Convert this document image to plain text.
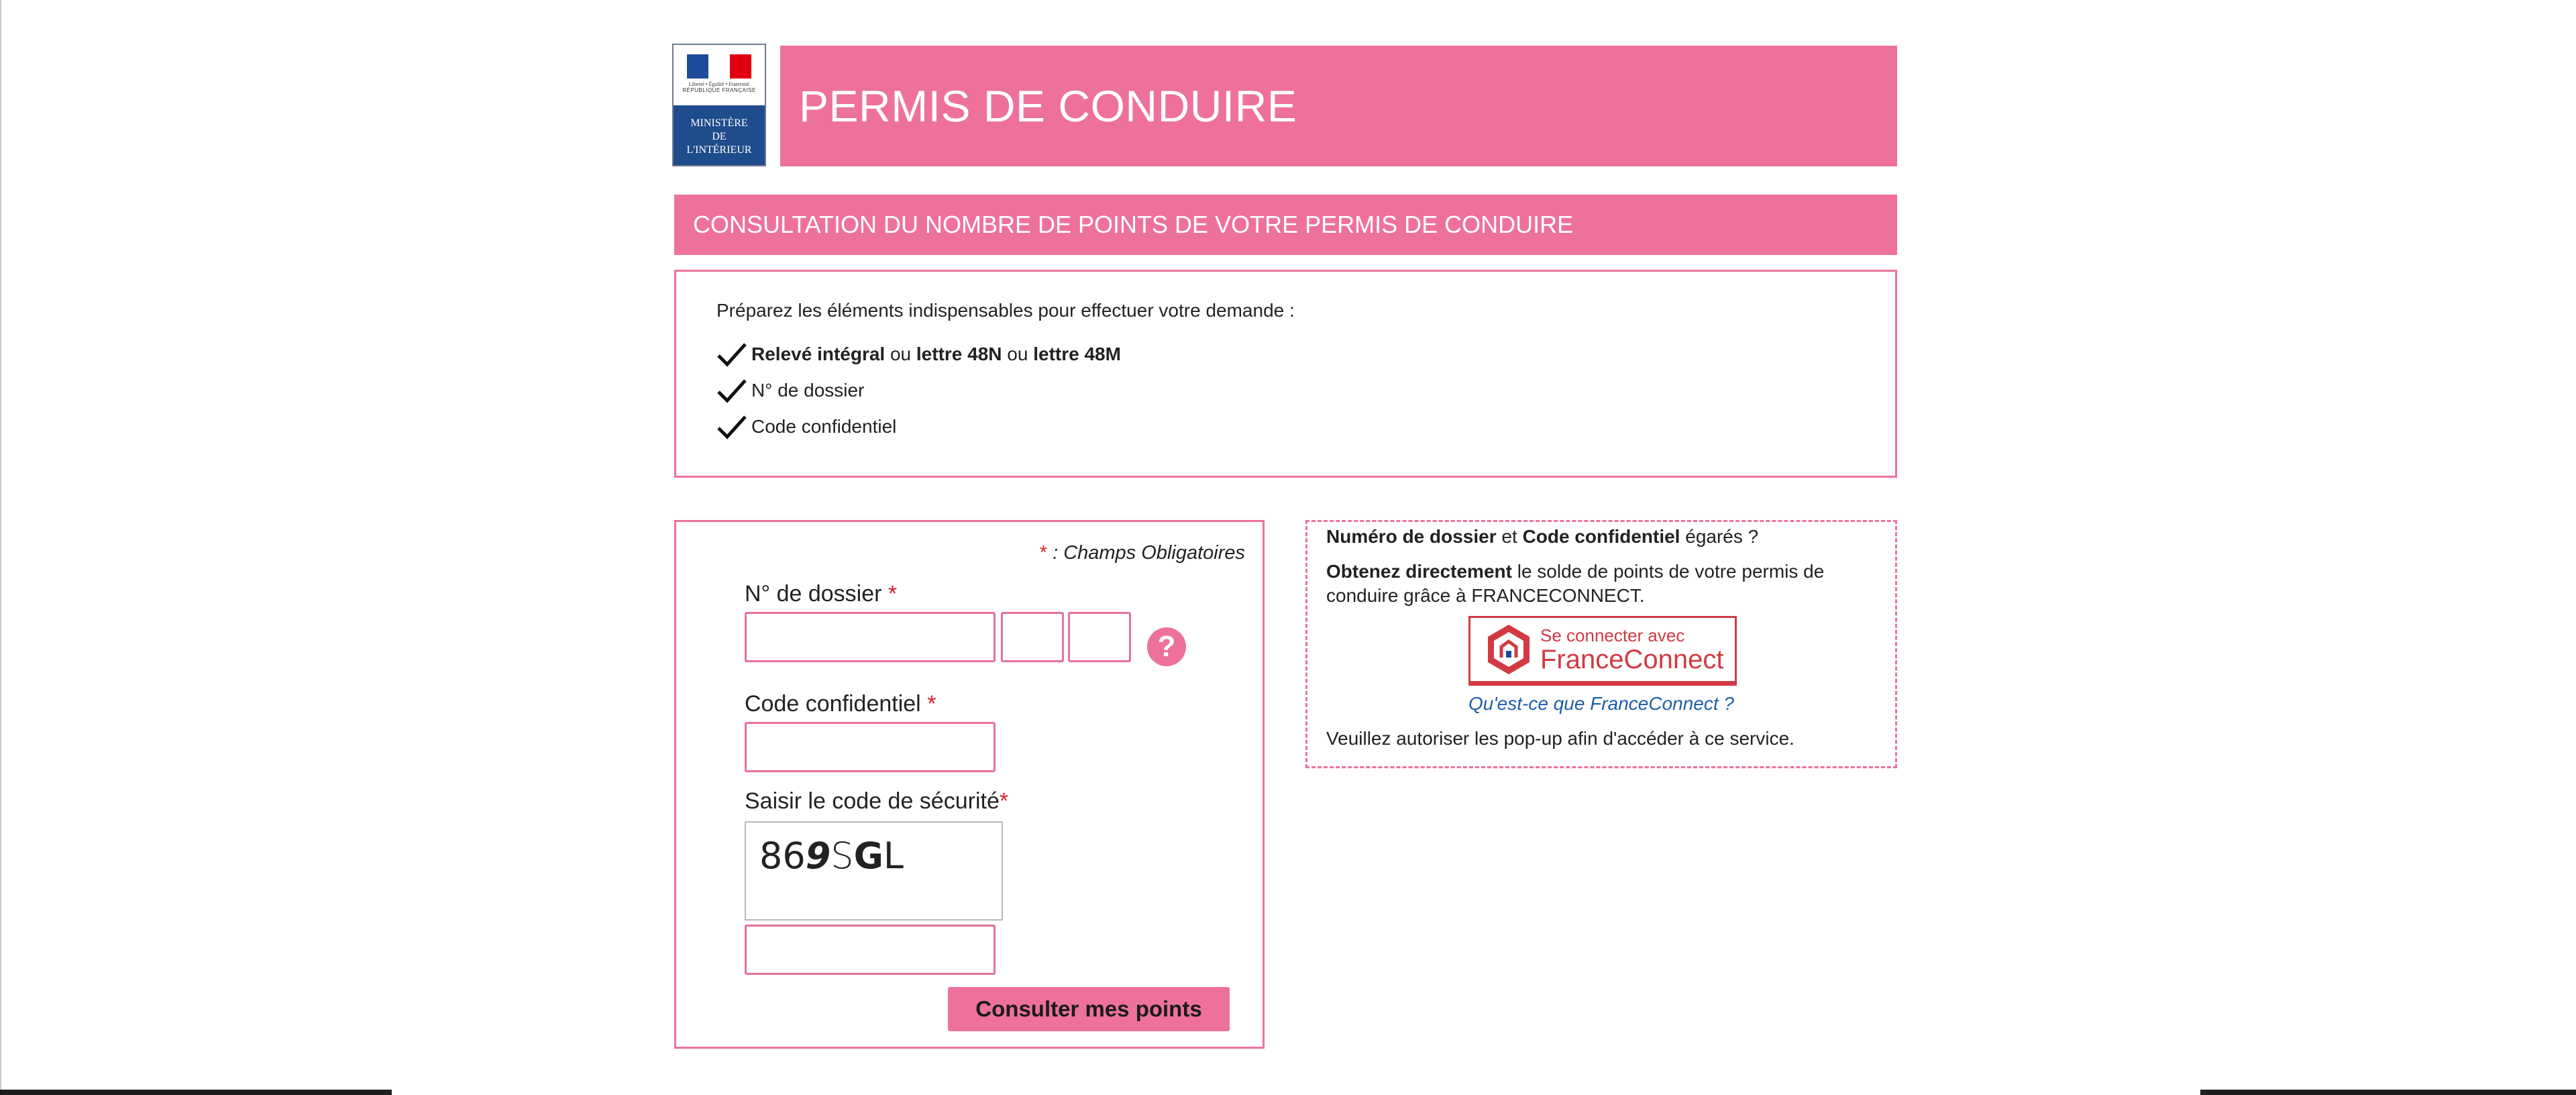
Liberté • Égalité • Fraternité
RÉPUBLIQUE FRANÇAISE
MINISTÈRE
DE
L'INTÉRIEUR
PERMIS DE CONDUIRE
CONSULTATION DU NOMBRE DE POINTS DE VOTRE PERMIS DE CONDUIRE

Préparez les éléments indispensables pour effectuer votre demande :

Relevé intégral ou lettre 48N ou lettre 48M
N° de dossier
Code confidentiel
* : Champs Obligatoires
N° de dossier *
?
Code confidentiel *
Saisir le code de sécurité*
869SGL
Consulter mes points

Numéro de dossier et Code confidentiel égarés ?

Obtenez directement le solde de points de votre permis de conduire grâce à FRANCECONNECT.

Se connecter avec
FranceConnect
Qu'est-ce que FranceConnect ?

Veuillez autoriser les pop-up afin d'accéder à ce service.
